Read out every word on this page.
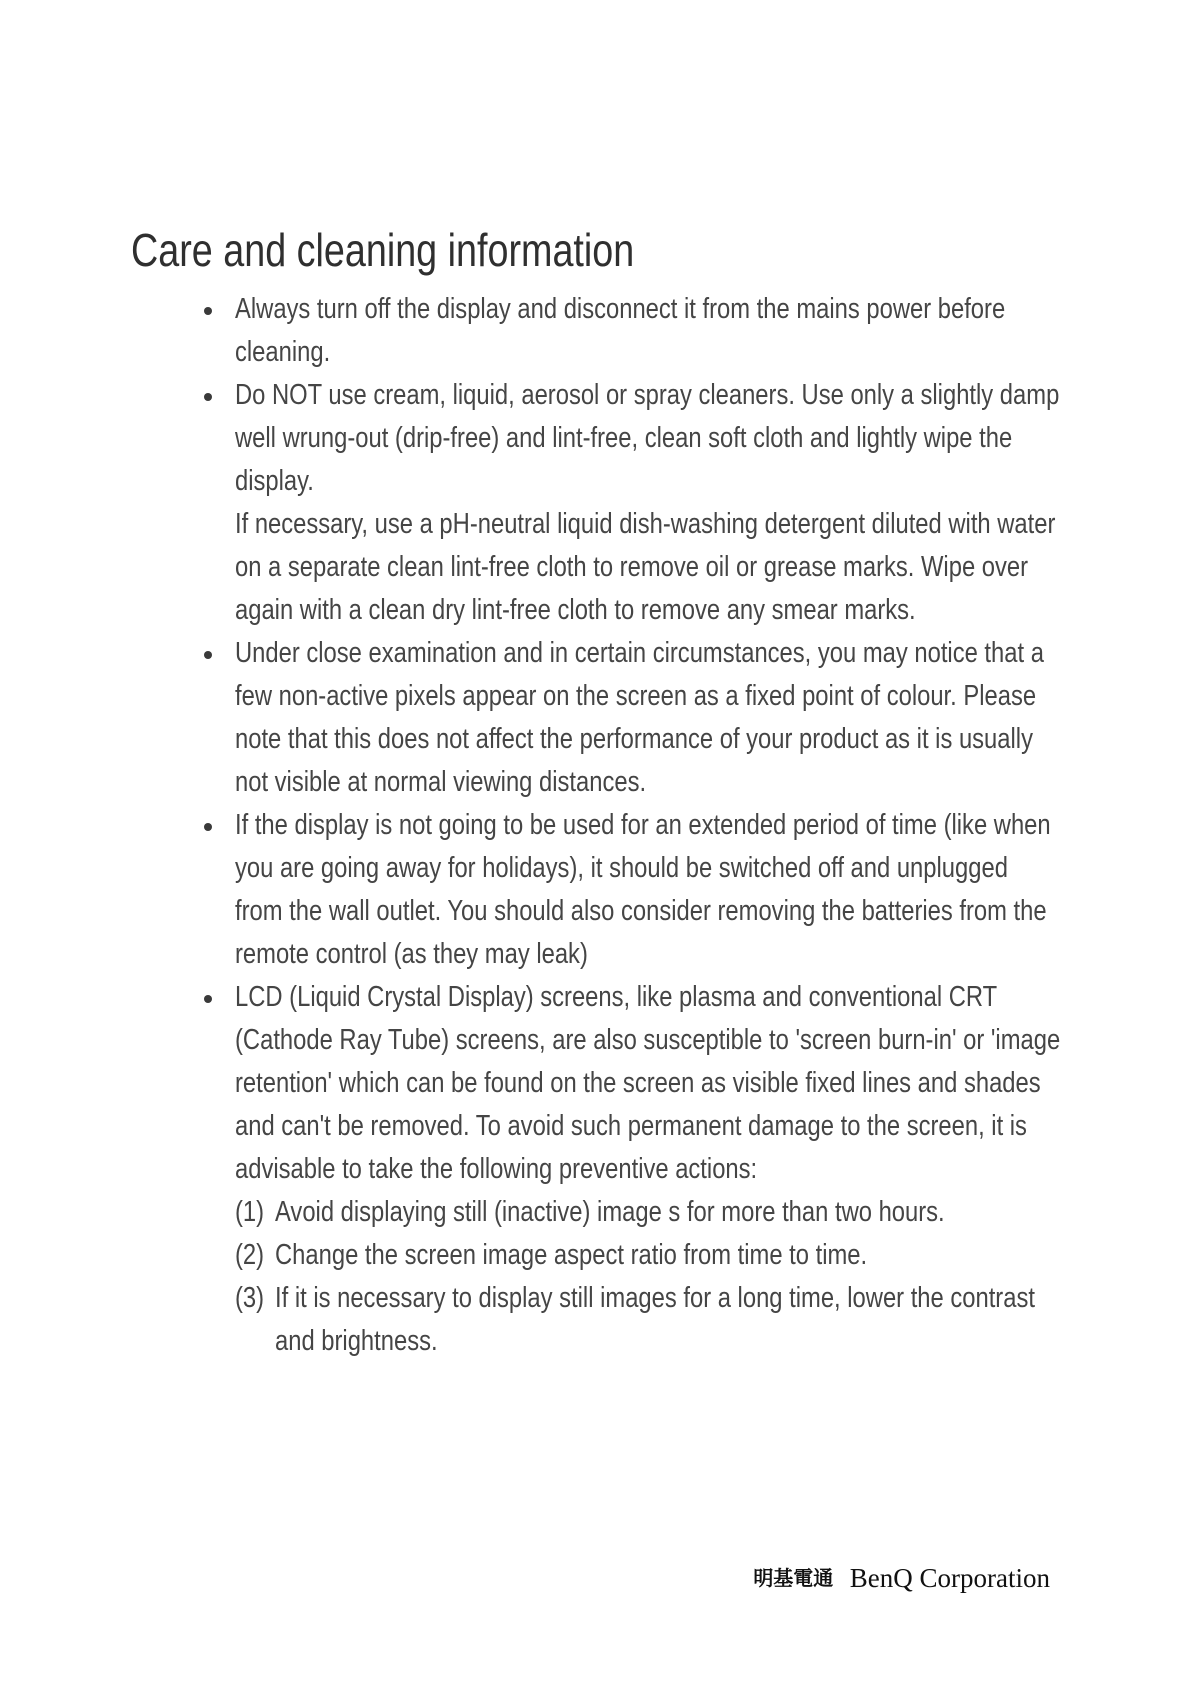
Care and cleaning information
Always turn off the display and disconnect it from the mains power before
cleaning.
Do NOT use cream, liquid, aerosol or spray cleaners. Use only a slightly damp
well wrung-out (drip-free) and lint-free, clean soft cloth and lightly wipe the
display.
If necessary, use a pH-neutral liquid dish-washing detergent diluted with water
on a separate clean lint-free cloth to remove oil or grease marks. Wipe over
again with a clean dry lint-free cloth to remove any smear marks.
Under close examination and in certain circumstances, you may notice that a
few non-active pixels appear on the screen as a fixed point of colour. Please
note that this does not affect the performance of your product as it is usually
not visible at normal viewing distances.
If the display is not going to be used for an extended period of time (like when
you are going away for holidays), it should be switched off and unplugged
from the wall outlet. You should also consider removing the batteries from the
remote control (as they may leak)
LCD (Liquid Crystal Display) screens, like plasma and conventional CRT
(Cathode Ray Tube) screens, are also susceptible to 'screen burn-in' or 'image
retention' which can be found on the screen as visible fixed lines and shades
and can't be removed. To avoid such permanent damage to the screen, it is
advisable to take the following preventive actions:
(1) Avoid displaying still (inactive) image s for more than two hours.
(2) Change the screen image aspect ratio from time to time.
(3) If it is necessary to display still images for a long time, lower the contrast
and brightness.
明基電通 BenQ Corporation
